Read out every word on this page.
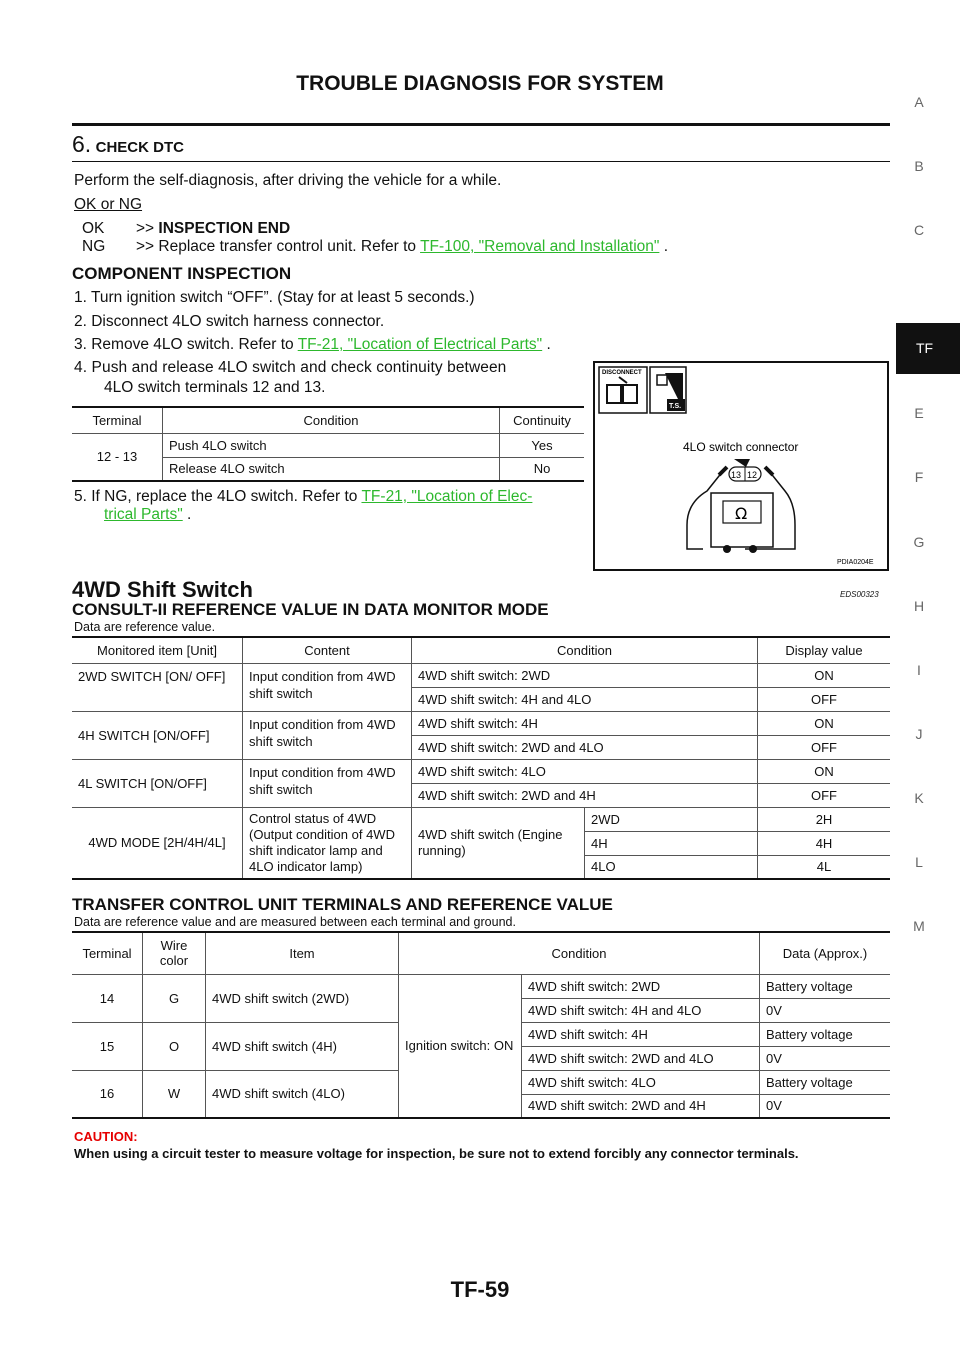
TROUBLE DIAGNOSIS FOR SYSTEM
A
B
C
TF
E
F
G
H
I
J
K
L
M
6. CHECK DTC
Perform the self-diagnosis, after driving the vehicle for a while.
OK or NG
OK >> INSPECTION END
NG >> Replace transfer control unit. Refer to TF-100, "Removal and Installation" .
COMPONENT INSPECTION
1. Turn ignition switch “OFF”. (Stay for at least 5 seconds.)
2. Disconnect 4LO switch harness connector.
3. Remove 4LO switch. Refer to TF-21, "Location of Electrical Parts" .
4. Push and release 4LO switch and check continuity between
4LO switch terminals 12 and 13.
Terminal	Condition	Continuity
12 - 13	Push 4LO switch	Yes
	Release 4LO switch	No
5. If NG, replace the 4LO switch. Refer to TF-21, "Location of Elec-
trical Parts" .
DISCONNECT
T.S.
4LO switch connector
13 12
Ω
PDIA0204E
4WD Shift Switch	EDS00323
CONSULT-II REFERENCE VALUE IN DATA MONITOR MODE
Data are reference value.
Monitored item [Unit]	Content	Condition		Display value
2WD SWITCH [ON/ OFF]	Input condition from 4WD shift switch	4WD shift switch: 2WD		ON
		4WD shift switch: 4H and 4LO		OFF
4H SWITCH [ON/OFF]	Input condition from 4WD shift switch	4WD shift switch: 4H		ON
		4WD shift switch: 2WD and 4LO		OFF
4L SWITCH [ON/OFF]	Input condition from 4WD shift switch	4WD shift switch: 4LO		ON
		4WD shift switch: 2WD and 4H		OFF
4WD MODE [2H/4H/4L]	Control status of 4WD (Output condition of 4WD shift indicator lamp and 4LO indicator lamp)	4WD shift switch (Engine running)	2WD	2H
			4H	4H
			4LO	4L
TRANSFER CONTROL UNIT TERMINALS AND REFERENCE VALUE
Data are reference value and are measured between each terminal and ground.
Terminal	Wire color	Item	Condition		Data (Approx.)
14	G	4WD shift switch (2WD)	Ignition switch: ON	4WD shift switch: 2WD	Battery voltage
				4WD shift switch: 4H and 4LO	0V
15	O	4WD shift switch (4H)		4WD shift switch: 4H	Battery voltage
				4WD shift switch: 2WD and 4LO	0V
16	W	4WD shift switch (4LO)		4WD shift switch: 4LO	Battery voltage
				4WD shift switch: 2WD and 4H	0V
CAUTION:
When using a circuit tester to measure voltage for inspection, be sure not to extend forcibly any connector terminals.
TF-59
